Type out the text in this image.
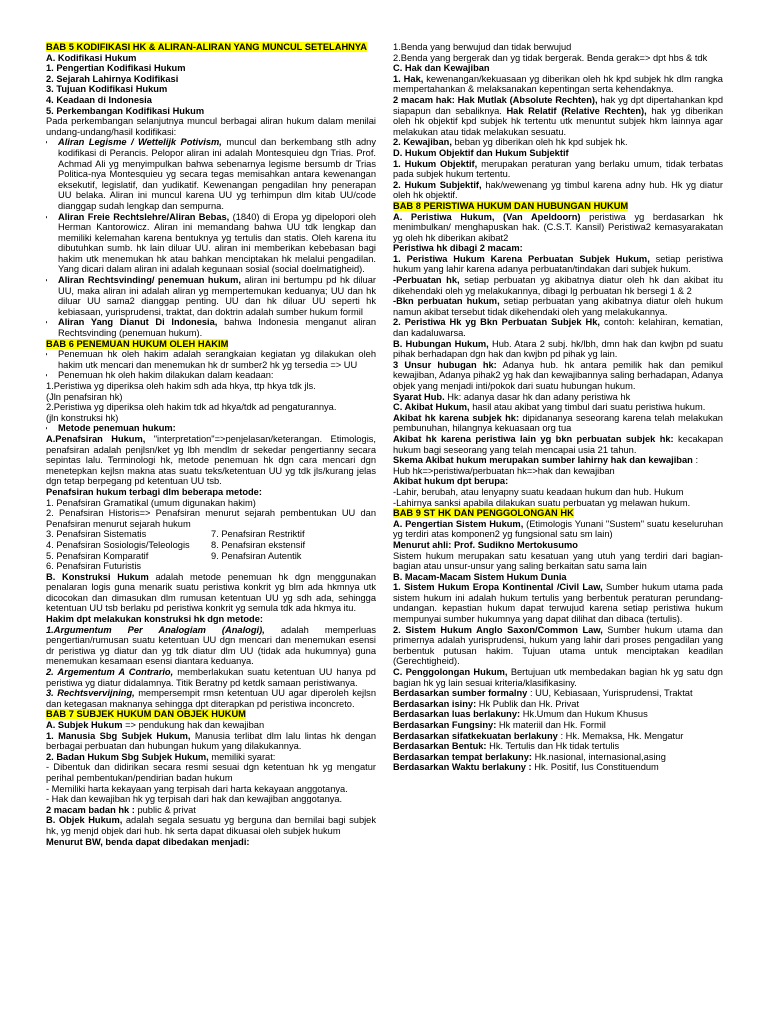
BAB 5 KODIFIKASI HK & ALIRAN-ALIRAN YANG MUNCUL SETELAHNYA

A. Kodifikasi Hukum

1. Pengertian Kodifikasi Hukum

2. Sejarah Lahirnya Kodifikasi

3. Tujuan Kodifikasi Hukum

4. Keadaan di Indonesia

5. Perkembangan Kodifikasi Hukum

Pada perkembangan selanjutnya muncul berbagai aliran hukum dalam menilai undang-undang/hasil kodifikasi:

• Aliran Legisme / Wettelijk Potivism, muncul dan berkembang stlh adny kodifikasi di Perancis. Pelopor aliran ini adalah Montesquieu dgn Trias. Prof. Achmad Ali yg menyimpulkan bahwa sebenarnya legisme bersumb dr Trias Politica-nya Montesquieu yg secara tegas memisahkan antara kewenangan eksekutif, legislatif, dan yudikatif. Kewenangan pengadilan hny penerapan UU belaka. Aliran ini muncul karena UU yg terhimpun dlm kitab UU/code dianggap sudah lengkap dan sempurna.
• Aliran Freie Rechtslehre/Aliran Bebas, (1840) di Eropa yg dipelopori oleh Herman Kantorowicz. Aliran ini memandang bahwa UU tdk lengkap dan memiliki kelemahan karena bentuknya yg tertulis dan statis. Oleh karena itu dibutuhkan sumb. hk lain diluar UU. aliran ini memberikan kebebasan bagi hakim utk menemukan hk atau bahkan menciptakan hk melalui pengadilan. Yang dicari dalam aliran ini adalah kegunaan sosial (social doelmatigheid).
• Aliran Rechtsvinding/ penemuan hukum, aliran ini bertumpu pd hk diluar UU, maka aliran ini adalah aliran yg mempertemukan keduanya; UU dan hk diluar UU sama2 dianggap penting. UU dan hk diluar UU seperti hk kebiasaan, yurisprudensi, traktat, dan doktrin adalah sumber hukum formil
• Aliran Yang Dianut Di Indonesia, bahwa Indonesia menganut aliran Rechtsvinding (penemuan hukum).

BAB 6 PENEMUAN HUKUM OLEH HAKIM

• Penemuan hk oleh hakim adalah serangkaian kegiatan yg dilakukan oleh hakim utk mencari dan menemukan hk dr sumber2 hk yg tersedia => UU
• Penemuan hk oleh hakim dilakukan dalam keadaan:

1.Peristiwa yg diperiksa oleh hakim sdh ada hkya, ttp hkya tdk jls.

(Jln penafsiran hk)

2.Peristiwa yg diperiksa oleh hakim tdk ad hkya/tdk ad pengaturannya.

(jln konstruksi hk)

• Metode penemuan hukum:

A.Penafsiran Hukum, "interpretation"=>penjelasan/keterangan. Etimologis, penafsiran adalah penjlsn/ket yg lbh mendlm dr sekedar pengertianny secara sepintas lalu. Terminologi hk, metode penemuan hk dgn cara mencari dgn menetepkan kejlsn makna atas suatu teks/ketentuan UU yg tdk jls/kurang jelas dgn tetap berpegang pd ketentuan UU tsb.

Penafsiran hukum terbagi dlm beberapa metode:

1. Penafsiran Gramatikal (umum digunakan hakim)

2. Penafsiran Historis=> Penafsiran menurut sejarah pembentukan UU dan Penafsiran menurut sejarah hukum

3. Penafsiran Sistematis

4. Penafsiran Sosiologis/Teleologis

5. Penafsiran Komparatif

6. Penafsiran Futuristis

7. Penafsiran Restriktif

8. Penafsiran ekstensif

9. Penafsiran Autentik

B. Konstruksi Hukum adalah metode penemuan hk dgn menggunakan penalaran logis guna menarik suatu peristiwa konkrit yg blm ada hkmnya utk dicocokan dan dimasukan dlm rumusan ketentuan UU yg sdh ada, sehingga ketentuan UU tsb berlaku pd peristiwa konkrit yg semula tdk ada hkmya itu.

Hakim dpt melakukan konstruksi hk dgn metode:

1.Argumentum Per Analogiam (Analogi), adalah memperluas pengertian/rumusan suatu ketentuan UU dgn mencari dan menemukan esensi dr peristiwa yg diatur dan yg tdk diatur dlm UU (tidak ada hukumnya) guna menemukan kesamaan esensi diantara keduanya.

2. Argementum A Contrario, memberlakukan suatu ketentuan UU hanya pd peristiwa yg diatur didalamnya. Titik Beratny pd ketdk samaan peristiwanya.

3. Rechtsvervijning, mempersempit rmsn ketentuan UU agar diperoleh kejlsn dan ketegasan maknanya sehingga dpt diterapkan pd peristiwa inconcreto.

BAB 7 SUBJEK HUKUM DAN OBJEK HUKUM

A. Subjek Hukum => pendukung hak dan kewajiban

1. Manusia Sbg Subjek Hukum, Manusia terlibat dlm lalu lintas hk dengan berbagai perbuatan dan hubungan hukum yang dilakukannya.

2. Badan Hukum Sbg Subjek Hukum, memiliki syarat:

- Dibentuk dan didirikan secara resmi sesuai dgn ketentuan hk yg mengatur perihal pembentukan/pendirian badan hukum

- Memiliki harta kekayaan yang terpisah dari harta kekayaan anggotanya.

- Hak dan kewajiban hk yg terpisah dari hak dan kewajiban anggotanya.

2 macam badan hk : public & privat

B. Objek Hukum, adalah segala sesuatu yg berguna dan bernilai bagi subjek hk, yg menjd objek dari hub. hk serta dapat dikuasai oleh subjek hukum

Menurut BW, benda dapat dibedakan menjadi:

1.Benda yang berwujud dan tidak berwujud

2.Benda yang bergerak dan yg tidak bergerak. Benda gerak=> dpt hbs & tdk

C. Hak dan Kewajiban

1. Hak, kewenangan/kekuasaan yg diberikan oleh hk kpd subjek hk dlm rangka mempertahankan & melaksanakan kepentingan serta kehendaknya.

2 macam hak: Hak Mutlak (Absolute Rechten), hak yg dpt dipertahankan kpd siapapun dan sebaliknya. Hak Relatif (Relative Rechten), hak yg diberikan oleh hk objektif kpd subjek hk tertentu utk menuntut subjek hkm lainnya agar melakukan atau tidak melakukan sesuatu.

2. Kewajiban, beban yg diberikan oleh hk kpd subjek hk.

D. Hukum Objektif dan Hukum Subjektif

1. Hukum Objektif, merupakan peraturan yang berlaku umum, tidak terbatas pada subjek hukum tertentu.

2. Hukum Subjektif, hak/wewenang yg timbul karena adny hub. Hk yg diatur oleh hk objektif.

BAB 8 PERISTIWA HUKUM DAN HUBUNGAN HUKUM

A. Peristiwa Hukum, (Van Apeldoorn) peristiwa yg berdasarkan hk menimbulkan/ menghapuskan hak. (C.S.T. Kansil) Peristiwa2 kemasyarakatan yg oleh hk diberikan akibat2

Peristiwa hk dibagi 2 macam:

1. Peristiwa Hukum Karena Perbuatan Subjek Hukum, setiap peristiwa hukum yang lahir karena adanya perbuatan/tindakan dari subjek hukum.

-Perbuatan hk, setiap perbuatan yg akibatnya diatur oleh hk dan akibat itu dikehendaki oleh yg melakukannya, dibagi lg perbuatan hk bersegi 1 & 2

-Bkn perbuatan hukum, setiap perbuatan yang akibatnya diatur oleh hukum namun akibat tersebut tidak dikehendaki oleh yang melakukannya.

2. Peristiwa Hk yg Bkn Perbuatan Subjek Hk, contoh: kelahiran, kematian, dan kadaluwarsa.

B. Hubungan Hukum, Hub. Atara 2 subj. hk/lbh, dmn hak dan kwjbn pd suatu pihak berhadapan dgn hak dan kwjbn pd pihak yg lain.

3 Unsur hubugan hk: Adanya hub. hk antara pemilik hak dan pemikul kewajiban, Adanya pihak2 yg hak dan kewajibannya saling berhadapan, Adanya objek yang menjadi inti/pokok dari suatu hubungan hukum.

Syarat Hub. Hk: adanya dasar hk dan adany peristiwa hk

C. Akibat Hukum, hasil atau akibat yang timbul dari suatu peristiwa hukum.

Akibat hk karena subjek hk: dipidananya seseorang karena telah melakukan pembunuhan, hilangnya kekuasaan org tua

Akibat hk karena peristiwa lain yg bkn perbuatan subjek hk: kecakapan hukum bagi seseorang yang telah mencapai usia 21 tahun.

Skema Akibat hukum merupakan sumber lahirny hak dan kewajiban :

Hub hk=>peristiwa/perbuatan hk=>hak dan kewajiban

Akibat hukum dpt berupa:

-Lahir, berubah, atau lenyapny suatu keadaan hukum dan hub. Hukum

-Lahirnya sanksi apabila dilakukan suatu perbuatan yg melawan hukum.

BAB 9 ST HK DAN PENGGOLONGAN HK

A. Pengertian Sistem Hukum, (Etimologis Yunani "Sustem" suatu keseluruhan yg terdiri atas komponen2 yg fungsional satu sm lain)

Menurut ahli: Prof. Sudikno Mertokusumo

Sistem hukum merupakan satu kesatuan yang utuh yang terdiri dari bagian-bagian atau unsur-unsur yang saling berkaitan satu sama lain

B. Macam-Macam Sistem Hukum Dunia

1. Sistem Hukum Eropa Kontinental /Civil Law, Sumber hukum utama pada sistem hukum ini adalah hukum tertulis yang berbentuk peraturan perundang-undangan. kepastian hukum dapat terwujud karena setiap peristiwa hukum mempunyai sumber hukumnya yang dapat dilihat dan dibaca (tertulis).

2. Sistem Hukum Anglo Saxon/Common Law, Sumber hukum utama dan primernya adalah yurisprudensi, hukum yang lahir dari proses pengadilan yang berbentuk putusan hakim. Tujuan utama untuk menciptakan keadilan (Gerechtigheid).

C. Penggolongan Hukum, Bertujuan utk membedakan bagian hk yg satu dgn bagian hk yg lain sesuai kriteria/klasifikasiny.

Berdasarkan sumber formalny : UU, Kebiasaan, Yurisprudensi, Traktat

Berdasarkan isiny: Hk Publik dan Hk. Privat

Berdasarkan luas berlakuny: Hk.Umum dan Hukum Khusus

Berdasarkan Fungsiny: Hk materiil dan Hk. Formil

Berdasarkan sifatkekuatan berlakuny : Hk. Memaksa, Hk. Mengatur

Berdasarkan Bentuk: Hk. Tertulis dan Hk tidak tertulis

Berdasarkan tempat berlakuny: Hk.nasional, internasional,asing

Berdasarkan Waktu berlakuny : Hk. Positif, Ius Constituendum
